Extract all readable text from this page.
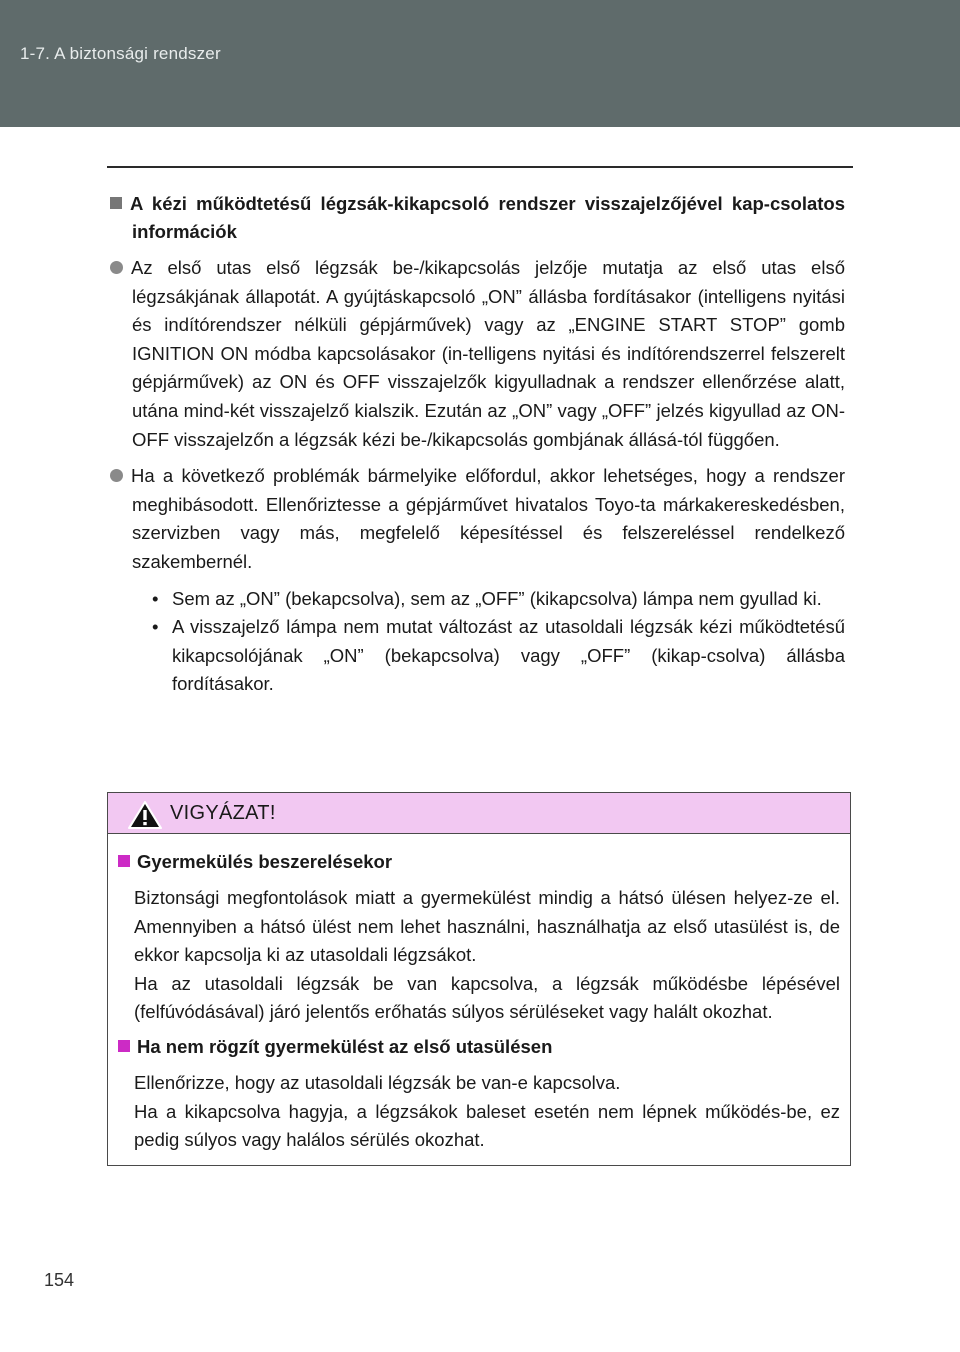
1-7. A biztonsági rendszer
A kézi működtetésű légzsák-kikapcsoló rendszer visszajelzőjével kap-csolatos információk
Az első utas első légzsák be-/kikapcsolás jelzője mutatja az első utas első légzsákjának állapotát. A gyújtáskapcsoló „ON” állásba fordításakor (intelligens nyitási és indítórendszer nélküli gépjárművek) vagy az „ENGINE START STOP” gomb IGNITION ON módba kapcsolásakor (in-telligens nyitási és indítórendszerrel felszerelt gépjárművek) az ON és OFF visszajelzők kigyulladnak a rendszer ellenőrzése alatt, utána mind-két visszajelző kialszik. Ezután az „ON” vagy „OFF” jelzés kigyullad az ON-OFF visszajelzőn a légzsák kézi be-/kikapcsolás gombjának állásá-tól függően.
Ha a következő problémák bármelyike előfordul, akkor lehetséges, hogy a rendszer meghibásodott. Ellenőriztesse a gépjárművet hivatalos Toyo-ta márkakereskedésben, szervizben vagy más, megfelelő képesítéssel és felszereléssel rendelkező szakembernél.
• Sem az „ON” (bekapcsolva), sem az „OFF” (kikapcsolva) lámpa nem gyullad ki.
• A visszajelző lámpa nem mutat változást az utasoldali légzsák kézi működtetésű kikapcsolójának „ON” (bekapcsolva) vagy „OFF” (kikap-csolva) állásba fordításakor.
VIGYÁZAT!
Gyermekülés beszerelésekor
Biztonsági megfontolások miatt a gyermekülést mindig a hátsó ülésen helyez-ze el. Amennyiben a hátsó ülést nem lehet használni, használhatja az első utasülést is, de ekkor kapcsolja ki az utasoldali légzsákot.
Ha az utasoldali légzsák be van kapcsolva, a légzsák működésbe lépésével (felfúvódásával) járó jelentős erőhatás súlyos sérüléseket vagy halált okozhat.
Ha nem rögzít gyermekülést az első utasülésen
Ellenőrizze, hogy az utasoldali légzsák be van-e kapcsolva.
Ha a kikapcsolva hagyja, a légzsákok baleset esetén nem lépnek működés-be, ez pedig súlyos vagy halálos sérülés okozhat.
154
